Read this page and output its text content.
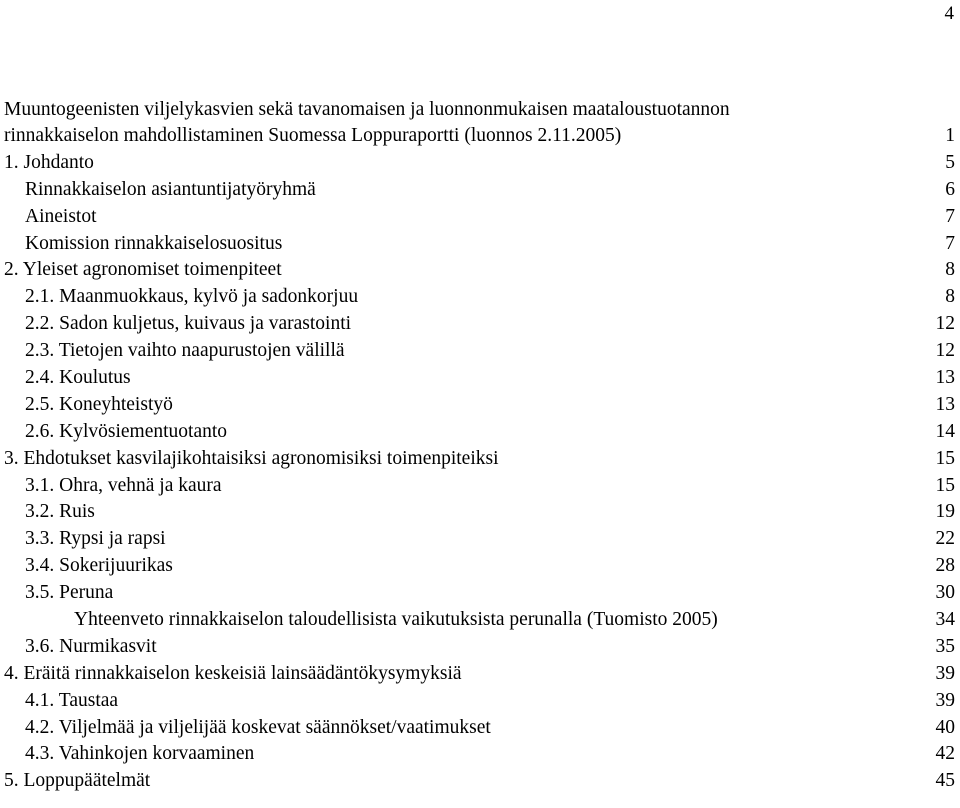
4
Muuntogeenisten viljelykasvien sekä tavanomaisen ja luonnonmukaisen maataloustuotannon
rinnakkaiselon mahdollistaminen Suomessa Loppuraportti (luonnos 2.11.2005)	1
1. Johdanto	5
Rinnakkaiselon asiantuntijatyöryhmä	6
Aineistot	7
Komission rinnakkaiselosuositus	7
2. Yleiset agronomiset toimenpiteet	8
2.1. Maanmuokkaus, kylvö ja sadonkorjuu	8
2.2. Sadon kuljetus, kuivaus ja varastointi	12
2.3. Tietojen vaihto naapurustojen välillä	12
2.4. Koulutus	13
2.5. Koneyhteistyö	13
2.6. Kylvösiementuotanto	14
3. Ehdotukset kasvilajikohtaisiksi agronomisiksi toimenpiteiksi	15
3.1. Ohra, vehnä ja kaura	15
3.2. Ruis	19
3.3. Rypsi ja rapsi	22
3.4. Sokerijuurikas	28
3.5. Peruna	30
Yhteenveto rinnakkaiselon taloudellisista vaikutuksista perunalla (Tuomisto 2005)	34
3.6. Nurmikasvit	35
4. Eräitä rinnakkaiselon keskeisiä lainsäädäntökysymyksiä	39
4.1. Taustaa	39
4.2. Viljelmää ja viljelijää koskevat säännökset/vaatimukset	40
4.3. Vahinkojen korvaaminen	42
5. Loppupäätelmät	45
